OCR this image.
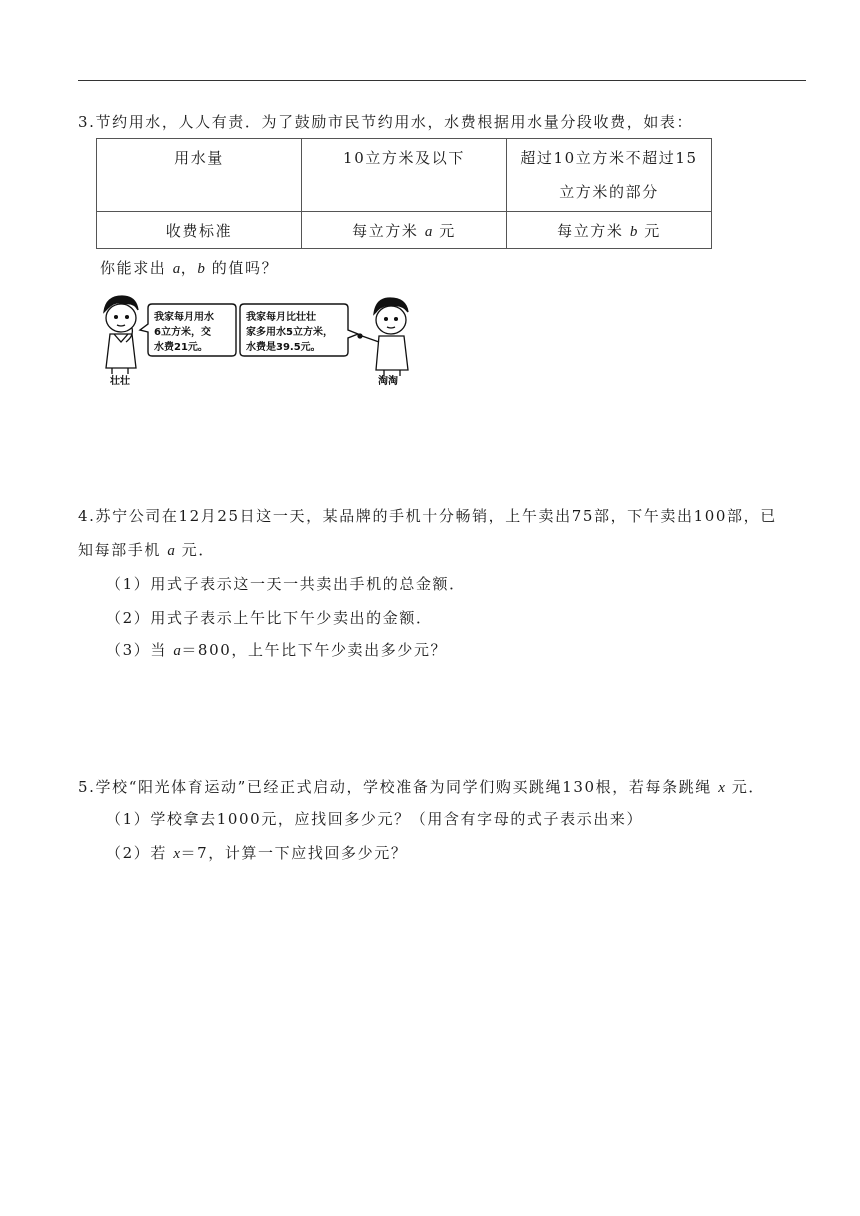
3.节约用水，人人有责．为了鼓励市民节约用水，水费根据用水量分段收费，如表：
用水量	10立方米及以下	超过10立方米不超过15
立方米的部分

收费标准	每立方米 a 元	每立方米 b 元
你能求出 a，b 的值吗？
壮壮
我家每月用水 6立方米，交 水费21元。
我家每月比壮壮 家多用水5立方米， 水费是39.5元。
淘淘
4.苏宁公司在12月25日这一天，某品牌的手机十分畅销，上午卖出75部，下午卖出100部，已
知每部手机 a 元．
（1）用式子表示这一天一共卖出手机的总金额．
（2）用式子表示上午比下午少卖出的金额．
（3）当 a＝800，上午比下午少卖出多少元？
5.学校“阳光体育运动”已经正式启动，学校准备为同学们购买跳绳130根，若每条跳绳 x 元．
（1）学校拿去1000元，应找回多少元？（用含有字母的式子表示出来）
（2）若 x＝7，计算一下应找回多少元？
